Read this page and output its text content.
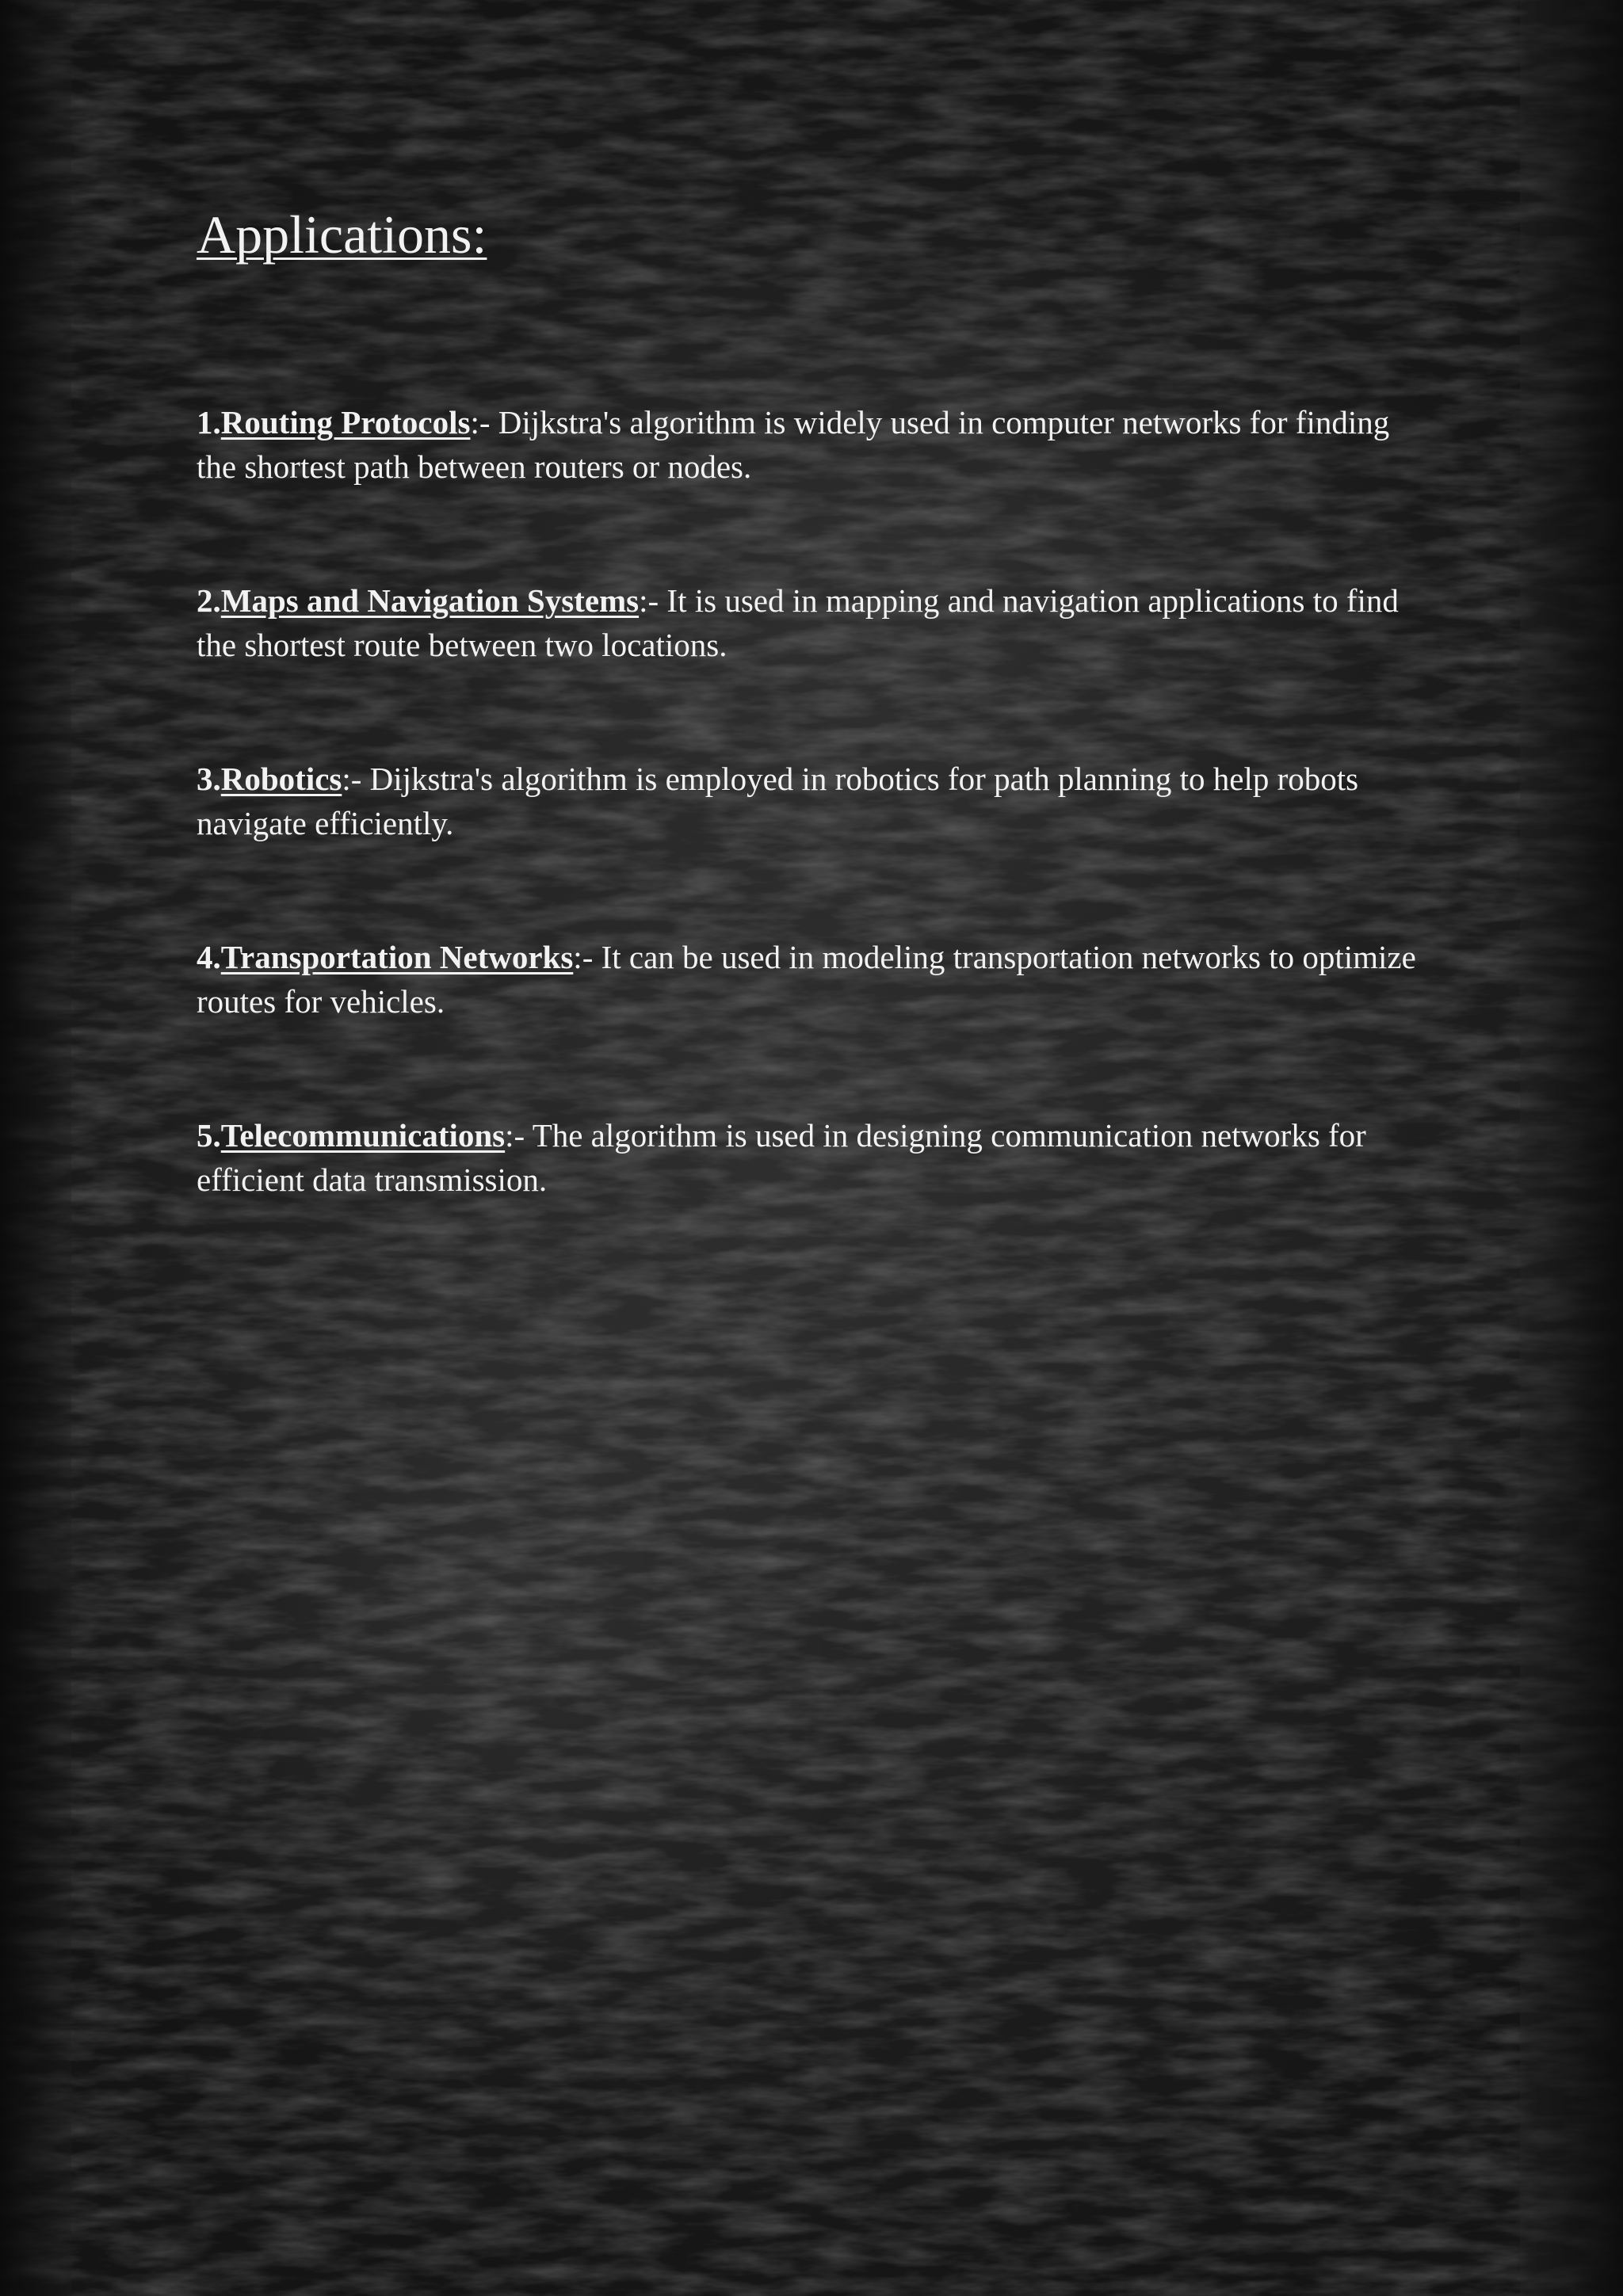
Applications:
1.Routing Protocols:- Dijkstra's algorithm is widely used in computer networks for finding the shortest path between routers or nodes.
2.Maps and Navigation Systems:- It is used in mapping and navigation applications to find the shortest route between two locations.
3.Robotics:- Dijkstra's algorithm is employed in robotics for path planning to help robots navigate efficiently.
4.Transportation Networks:- It can be used in modeling transportation networks to optimize routes for vehicles.
5.Telecommunications:- The algorithm is used in designing communication networks for efficient data transmission.
